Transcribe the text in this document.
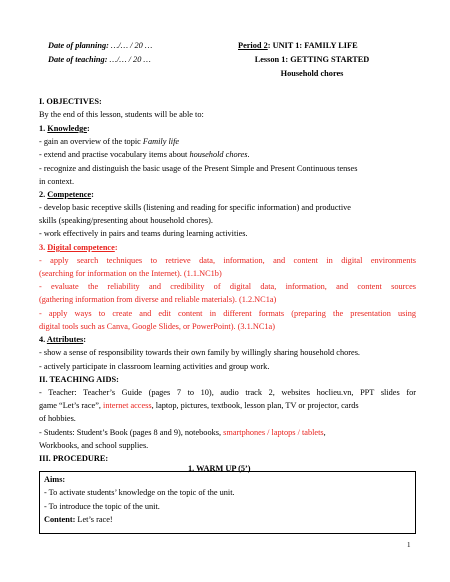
Date of planning: …/… / 20 …
Date of teaching: …/… / 20 …
Period 2: UNIT 1: FAMILY LIFE
Lesson 1: GETTING STARTED
Household chores
I. OBJECTIVES:
By the end of this lesson, students will be able to:
1. Knowledge:
- gain an overview of the topic Family life
- extend and practise vocabulary items about household chores.
- recognize and distinguish the basic usage of the Present Simple and Present Continuous tenses
in context.
2. Competence:
- develop basic receptive skills (listening and reading for specific information) and productive
skills (speaking/presenting about household chores).
- work effectively in pairs and teams during learning activities.
3. Digital competence:
- apply search techniques to retrieve data, information, and content in digital environments
(searching for information on the Internet). (1.1.NC1b)
- evaluate the reliability and credibility of digital data, information, and content sources
(gathering information from diverse and reliable materials). (1.2.NC1a)
- apply ways to create and edit content in different formats (preparing the presentation using
digital tools such as Canva, Google Slides, or PowerPoint). (3.1.NC1a)
4. Attributes:
- show a sense of responsibility towards their own family by willingly sharing household chores.
- actively participate in classroom learning activities and group work.
II. TEACHING AIDS:
- Teacher: Teacher’s Guide (pages 7 to 10), audio track 2, websites hoclieu.vn, PPT slides for
game “Let’s race”, internet access, laptop, pictures, textbook, lesson plan, TV or projector, cards
of hobbies.
- Students: Student’s Book (pages 8 and 9), notebooks, smartphones / laptops / tablets,
Workbooks, and school supplies.
III. PROCEDURE:
1. WARM UP (5’)
Aims:
- To activate students’ knowledge on the topic of the unit.
- To introduce the topic of the unit.
Content: Let’s race!
1
